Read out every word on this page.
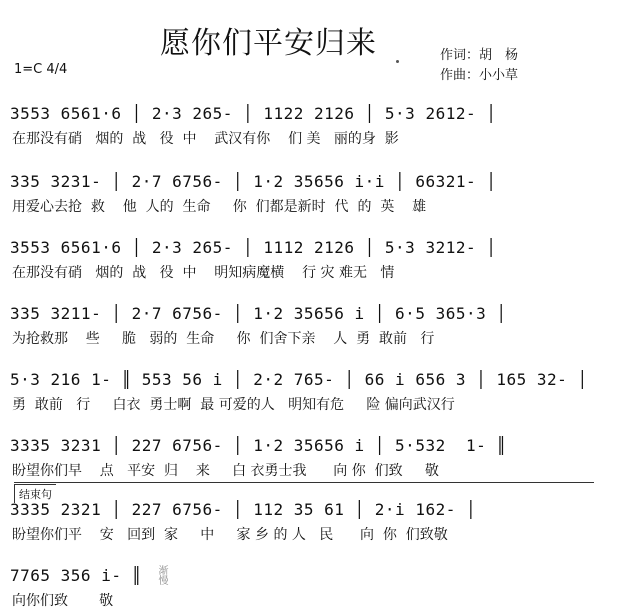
愿你们平安归来	作词：胡　杨
作曲：小小草
1=C 4/4
3553 6561·6 │ 2·3 265- │ 1122 2126 │ 5·3 2612- │
在那没有硝   烟的  战   役  中    武汉有你    们 美   丽的身  影
335 3231- │ 2·7 6756- │ 1·2 35656 i·i │ 66321- │
用爱心去抢  救    他  人的  生命     你  们都是新时  代  的  英    雄
3553 6561·6 │ 2·3 265- │ 1112 2126 │ 5·3 3212- │
在那没有硝   烟的  战   役  中    明知病魔横    行 灾 难无   情
335 3211- │ 2·7 6756- │ 1·2 35656 i │ 6·5 365·3 │
为抢救那    些     脆   弱的  生命     你  们舍下亲    人  勇  敢前   行
5·3 216 1- ║ 553 56 i │ 2·2 765- │ 66 i 656 3 │ 165 32- │
勇  敢前   行     白衣  勇士啊  最 可爱的人   明知有危     险 偏向武汉行
3335 3231 │ 227 6756- │ 1·2 35656 i │ 5·532  1- ║
盼望你们早    点   平安  归    来     白 衣勇士我      向 你  们致     敬
结束句
3335 2321 │ 227 6756- │ 112 35 61 │ 2·i 162- │
盼望你们平    安   回到  家     中     家 乡 的 人   民      向  你  们致敬
7765 356 i- ║
向你们致       敬
渐慢
